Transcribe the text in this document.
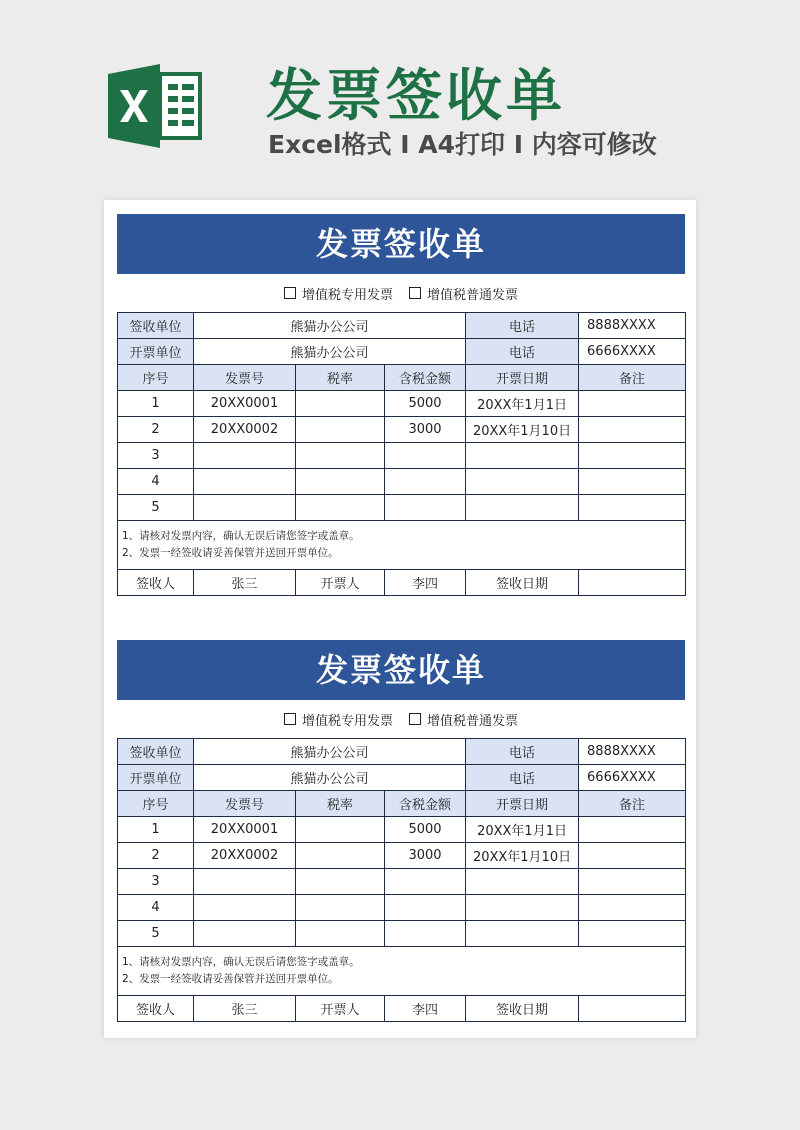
发票签收单
Excel格式 I A4打印 I 内容可修改
发票签收单
增值税专用发票	增值税普通发票
签收单位	熊猫办公公司			电话	8888XXXX
开票单位	熊猫办公公司			电话	6666XXXX
序号	发票号	税率	含税金额	开票日期	备注
1	20XX0001		5000	20XX年1月1日	
2	20XX0002		3000	20XX年1月10日	
3					
4					
5					

1、请核对发票内容，确认无误后请您签字或盖章。
2、发票一经签收请妥善保管并送回开票单位。					

签收人	张三	开票人	李四	签收日期	
发票签收单
增值税专用发票	增值税普通发票
签收单位	熊猫办公公司			电话	8888XXXX
开票单位	熊猫办公公司			电话	6666XXXX
序号	发票号	税率	含税金额	开票日期	备注
1	20XX0001		5000	20XX年1月1日	
2	20XX0002		3000	20XX年1月10日	
3					
4					
5					

1、请核对发票内容，确认无误后请您签字或盖章。
2、发票一经签收请妥善保管并送回开票单位。					

签收人	张三	开票人	李四	签收日期	
